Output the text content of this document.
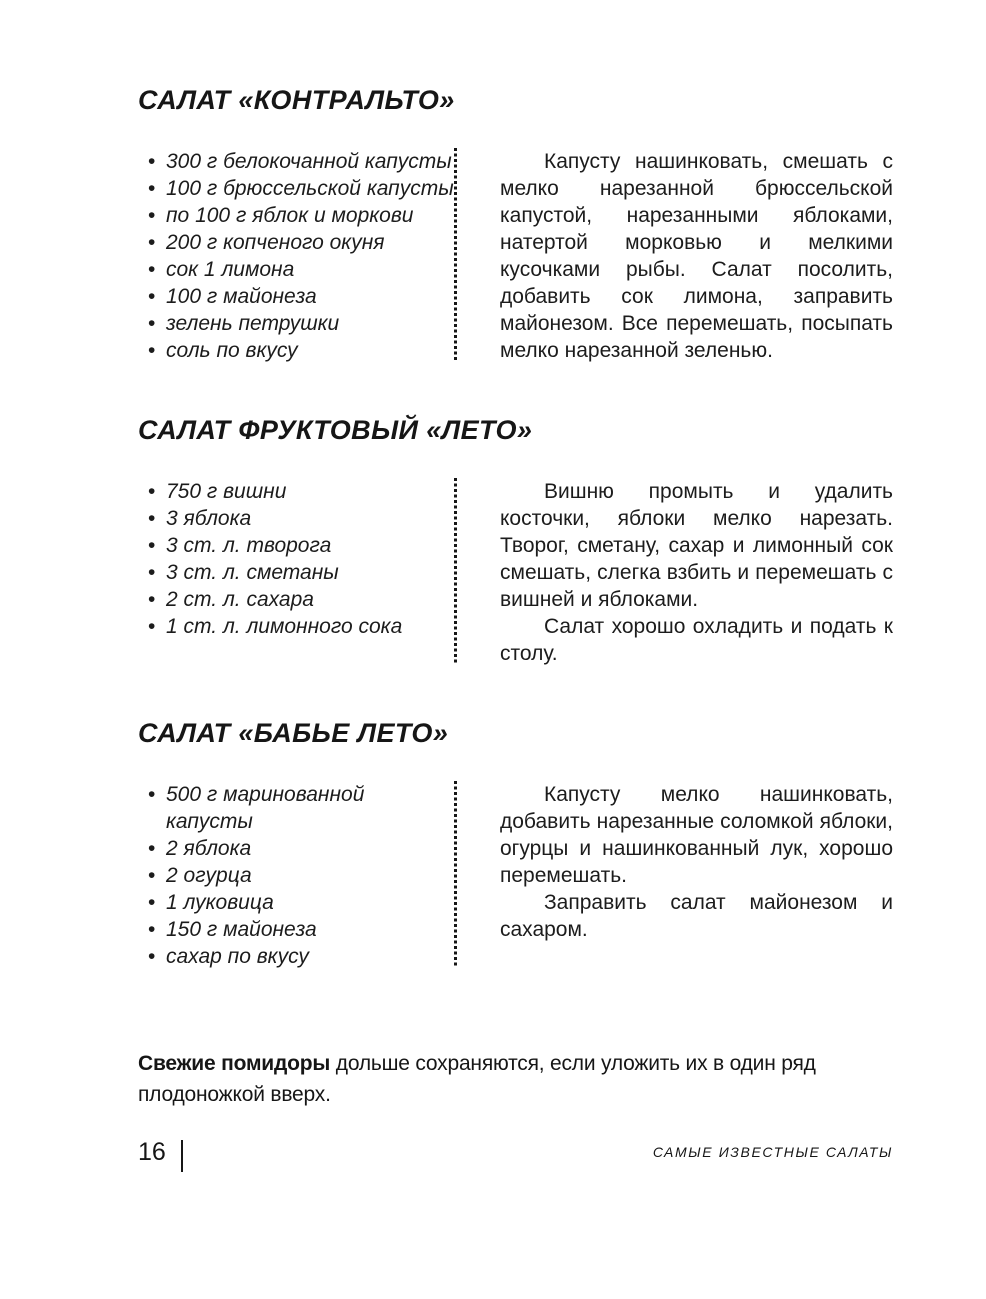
САЛАТ «КОНТРАЛЬТО»
• 300 г белокочанной капусты
• 100 г брюссельской капусты
• по 100 г яблок и моркови
• 200 г копченого окуня
• сок 1 лимона
• 100 г майонеза
• зелень петрушки
• соль по вкусу

Капусту нашинковать, смешать с мелко нарезанной брюссельской капустой, нарезанными яблоками, натертой морковью и мелкими кусочками рыбы. Салат посолить, добавить сок лимона, заправить майонезом. Все перемешать, посыпать мелко нарезанной зеленью.

САЛАТ ФРУКТОВЫЙ «ЛЕТО»
• 750 г вишни
• 3 яблока
• 3 ст. л. творога
• 3 ст. л. сметаны
• 2 ст. л. сахара
• 1 ст. л. лимонного сока

Вишню промыть и удалить косточки, яблоки мелко нарезать. Творог, сметану, сахар и лимонный сок смешать, слегка взбить и перемешать с вишней и яблоками.

Салат хорошо охладить и подать к столу.

САЛАТ «БАБЬЕ ЛЕТО»
• 500 г маринованной капусты
• 2 яблока
• 2 огурца
• 1 луковица
• 150 г майонеза
• сахар по вкусу

Капусту мелко нашинковать, добавить нарезанные соломкой яблоки, огурцы и нашинкованный лук, хорошо перемешать.

Заправить салат майонезом и сахаром.

Свежие помидоры дольше сохраняются, если уложить их в один ряд плодоножкой вверх.
16	САМЫЕ ИЗВЕСТНЫЕ САЛАТЫ
